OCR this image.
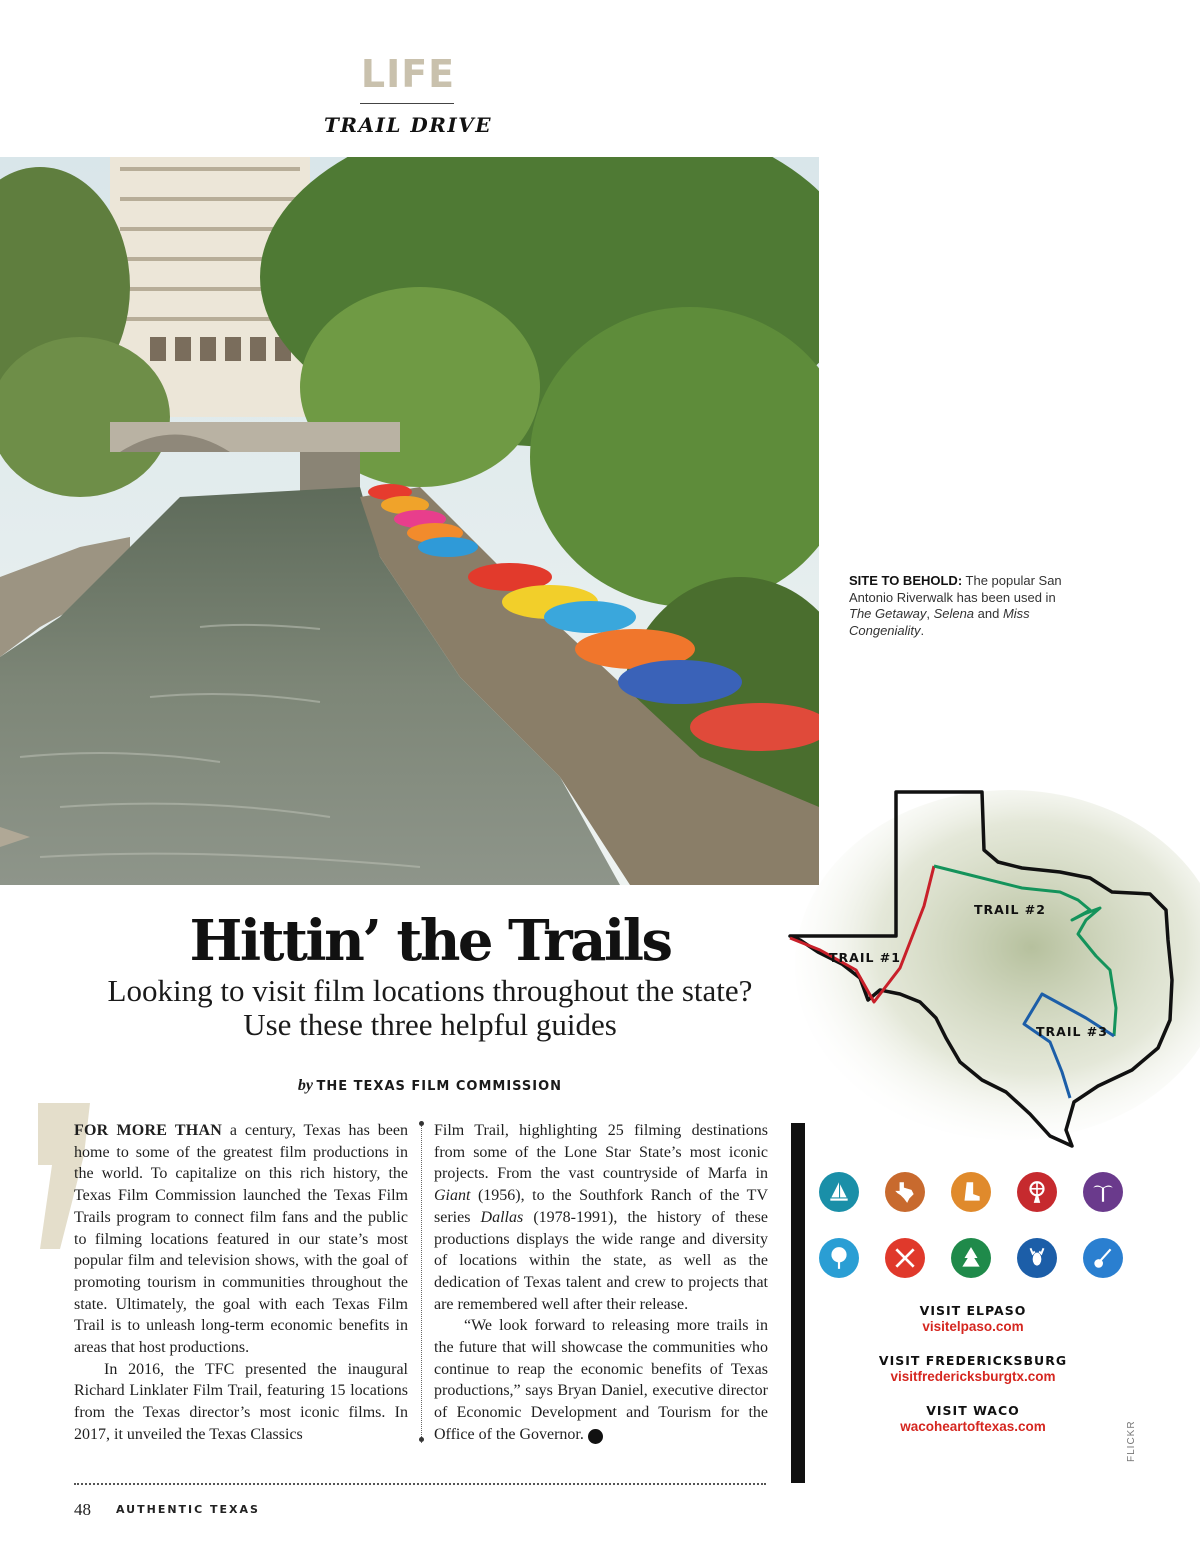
LIFE
TRAIL DRIVE
SITE TO BEHOLD: The popular San Antonio Riverwalk has been used in The Getaway, Selena and Miss Congeniality.
Hittin’ the Trails
Looking to visit film locations throughout the state?
Use these three helpful guides
by THE TEXAS FILM COMMISSION

FOR MORE THAN a century, Texas has been home to some of the greatest film productions in the world. To capitalize on this rich history, the Texas Film Commission launched the Texas Film Trails program to connect film fans and the public to filming locations featured in our state’s most popular film and television shows, with the goal of promoting tourism in communities throughout the state. Ultimately, the goal with each Texas Film Trail is to unleash long-term economic benefits in areas that host productions.

In 2016, the TFC presented the inaugural Richard Linklater Film Trail, featuring 15 locations from the Texas director’s most iconic films. In 2017, it unveiled the Texas Classics

Film Trail, highlighting 25 filming destinations from some of the Lone Star State’s most iconic projects. From the vast countryside of Marfa in Giant (1956), to the Southfork Ranch of the TV series Dallas (1978-1991), the history of these productions displays the wide range and diversity of locations within the state, as well as the dedication of Texas talent and crew to projects that are remembered well after their release.

“We look forward to releasing more trails in the future that will showcase the communities who continue to reap the economic benefits of Texas productions,” says Bryan Daniel, executive director of Economic Development and Tourism for the Office of the Governor.	AT

TRAIL #2
TRAIL #1
TRAIL #3
VISIT ELPASO
visitelpaso.com
VISIT FREDERICKSBURG
visitfredericksburgtx.com
VISIT WACO
wacoheartoftexas.com
48 AUTHENTIC TEXAS
FLICKR
